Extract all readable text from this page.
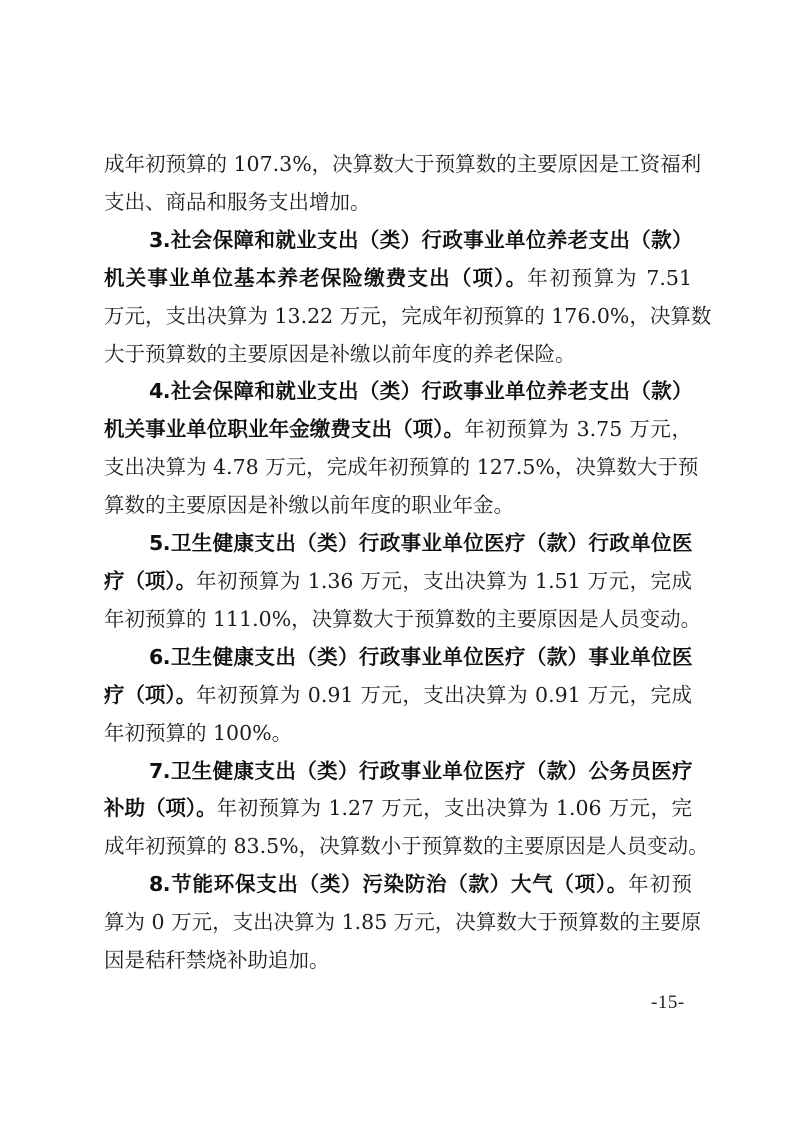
成年初预算的 107.3%，决算数大于预算数的主要原因是工资福利
支出、商品和服务支出增加。
3.社会保障和就业支出（类）行政事业单位养老支出（款）
机关事业单位基本养老保险缴费支出（项）。年初预算为 7.51
万元，支出决算为 13.22 万元，完成年初预算的 176.0%，决算数
大于预算数的主要原因是补缴以前年度的养老保险。
4.社会保障和就业支出（类）行政事业单位养老支出（款）
机关事业单位职业年金缴费支出（项）。年初预算为 3.75 万元，
支出决算为 4.78 万元，完成年初预算的 127.5%，决算数大于预
算数的主要原因是补缴以前年度的职业年金。
5.卫生健康支出（类）行政事业单位医疗（款）行政单位医
疗（项）。年初预算为 1.36 万元，支出决算为 1.51 万元，完成
年初预算的 111.0%，决算数大于预算数的主要原因是人员变动。
6.卫生健康支出（类）行政事业单位医疗（款）事业单位医
疗（项）。年初预算为 0.91 万元，支出决算为 0.91 万元，完成
年初预算的 100%。
7.卫生健康支出（类）行政事业单位医疗（款）公务员医疗
补助（项）。年初预算为 1.27 万元，支出决算为 1.06 万元，完
成年初预算的 83.5%，决算数小于预算数的主要原因是人员变动。
8.节能环保支出（类）污染防治（款）大气（项）。年初预
算为 0 万元，支出决算为 1.85 万元，决算数大于预算数的主要原
因是秸秆禁烧补助追加。
-15-
